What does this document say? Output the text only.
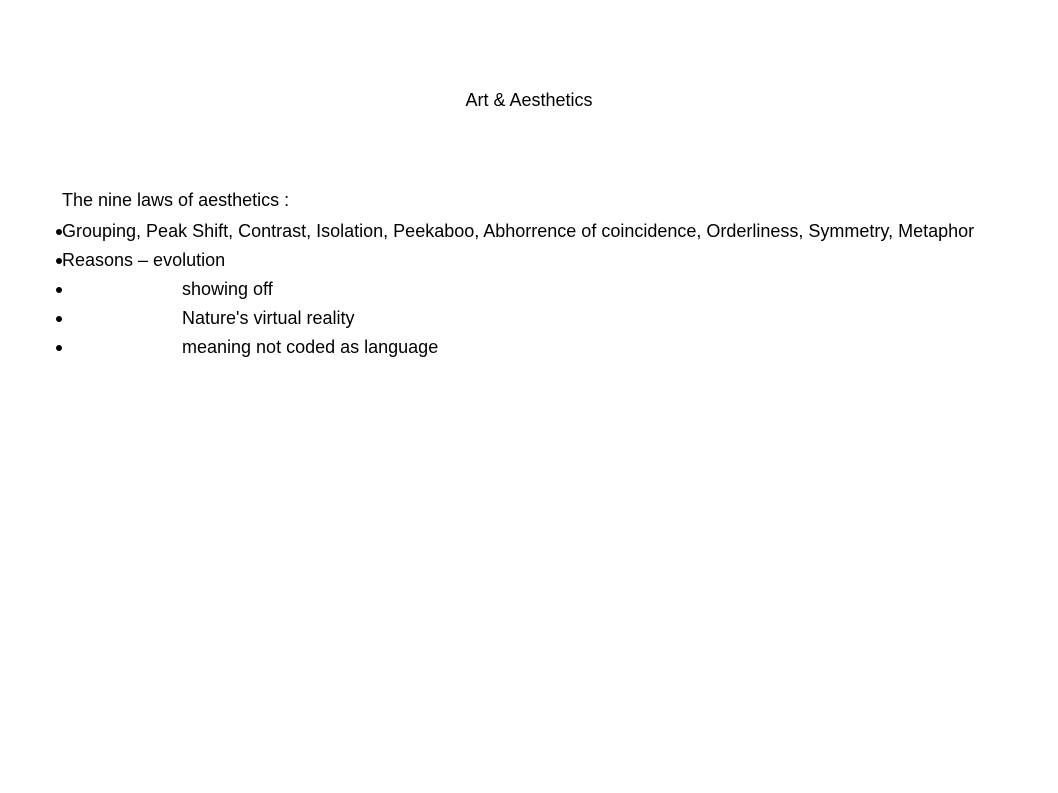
Art & Aesthetics
The nine laws of aesthetics :
Grouping, Peak Shift, Contrast, Isolation, Peekaboo, Abhorrence of coincidence, Orderliness, Symmetry, Metaphor
Reasons – evolution
showing off
Nature's virtual reality
meaning not coded as language
